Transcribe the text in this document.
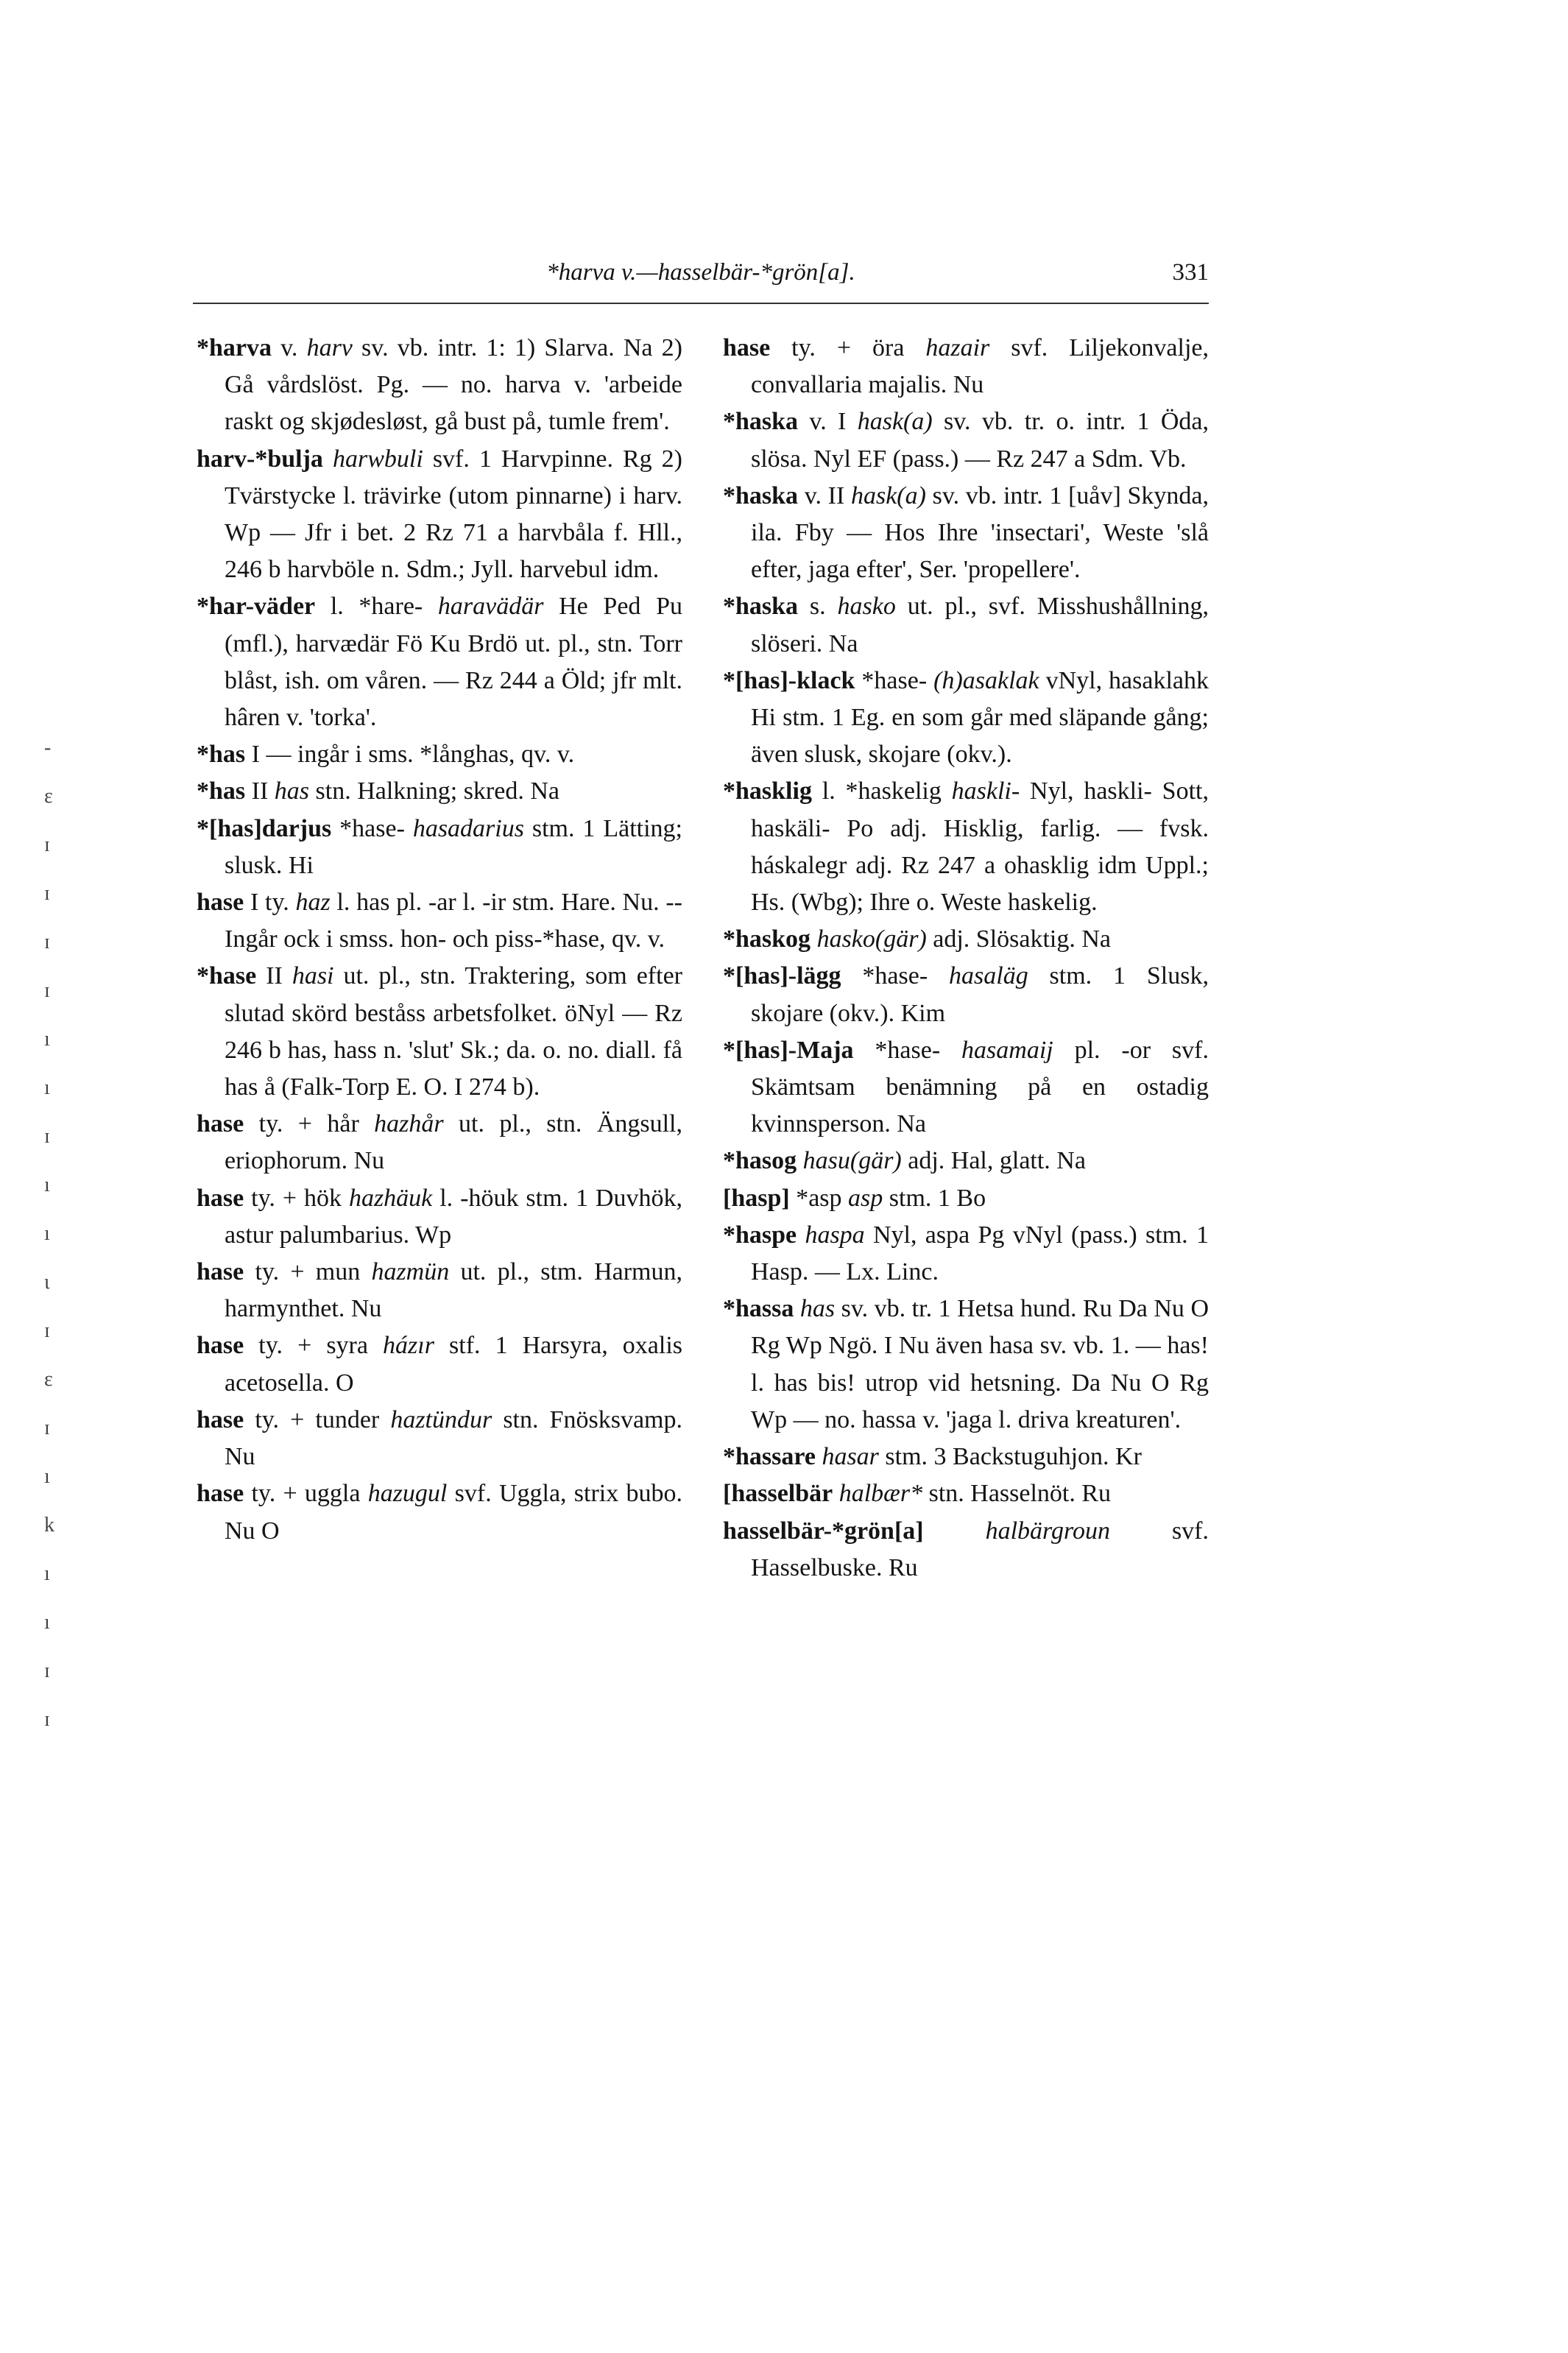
*harva v.—hasselbär-*grön[a].	331

*harva v. harv sv. vb. intr. 1: 1) Slarva. Na 2) Gå vårdslöst. Pg. — no. harva v. 'arbeide raskt og skjødesløst, gå bust på, tumle frem'.

harv-*bulja harwbuli svf. 1 Harvpinne. Rg 2) Tvärstycke l. trävirke (utom pinnarne) i harv. Wp — Jfr i bet. 2 Rz 71 a harvbåla f. Hll., 246 b harvböle n. Sdm.; Jyll. harvebul idm.

*har-väder l. *hare- haravädär He Ped Pu (mfl.), harvædär Fö Ku Brdö ut. pl., stn. Torr blåst, ish. om våren. — Rz 244 a Öld; jfr mlt. hâren v. 'torka'.

*has I — ingår i sms. *långhas, qv. v.

*has II has stn. Halkning; skred. Na

*[has]darjus *hase- hasadarius stm. 1 Lätting; slusk. Hi

hase I ty. haz l. has pl. -ar l. -ir stm. Hare. Nu. -- Ingår ock i smss. hon- och piss-*hase, qv. v.

*hase II hasi ut. pl., stn. Traktering, som efter slutad skörd beståss arbetsfolket. öNyl — Rz 246 b has, hass n. 'slut' Sk.; da. o. no. diall. få has å (Falk-Torp E. O. I 274 b).

hase ty. + hår hazhår ut. pl., stn. Ängsull, eriophorum. Nu

hase ty. + hök hazhäuk l. -höuk stm. 1 Duvhök, astur palumbarius. Wp

hase ty. + mun hazmün ut. pl., stm. Harmun, harmynthet. Nu

hase ty. + syra házır stf. 1 Harsyra, oxalis acetosella. O

hase ty. + tunder haztündur stn. Fnösksvamp. Nu

hase ty. + uggla hazugul svf. Uggla, strix bubo. Nu O

hase ty. + öra hazair svf. Liljekonvalje, convallaria majalis. Nu

*haska v. I hask(a) sv. vb. tr. o. intr. 1 Öda, slösa. Nyl EF (pass.) — Rz 247 a Sdm. Vb.

*haska v. II hask(a) sv. vb. intr. 1 [uåv] Skynda, ila. Fby — Hos Ihre 'insectari', Weste 'slå efter, jaga efter', Ser. 'propellere'.

*haska s. hasko ut. pl., svf. Misshushållning, slöseri. Na

*[has]-klack *hase- (h)asaklak vNyl, hasaklahk Hi stm. 1 Eg. en som går med släpande gång; även slusk, skojare (okv.).

*hasklig l. *haskelig haskli- Nyl, haskli- Sott, haskäli- Po adj. Hisklig, farlig. — fvsk. háskalegr adj. Rz 247 a ohasklig idm Uppl.; Hs. (Wbg); Ihre o. Weste haskelig.

*haskog hasko(gär) adj. Slösaktig. Na

*[has]-lägg *hase- hasaläg stm. 1 Slusk, skojare (okv.). Kim

*[has]-Maja *hase- hasamaij pl. -or svf. Skämtsam benämning på en ostadig kvinnsperson. Na

*hasog hasu(gär) adj. Hal, glatt. Na

[hasp] *asp asp stm. 1 Bo

*haspe haspa Nyl, aspa Pg vNyl (pass.) stm. 1 Hasp. — Lx. Linc.

*hassa has sv. vb. tr. 1 Hetsa hund. Ru Da Nu O Rg Wp Ngö. I Nu även hasa sv. vb. 1. — has! l. has bis! utrop vid hetsning. Da Nu O Rg Wp — no. hassa v. 'jaga l. driva kreaturen'.

*hassare hasar stm. 3 Backstuguhjon. Kr

[hasselbär halbær* stn. Hasselnöt. Ru

hasselbär-*grön[a] halbärgroun svf. Hasselbuske. Ru

-
ε
ɪ
ɪ
ɪ
ɪ
ı
ı
ɪ
ı
ı
ι
ɪ
ε
ɪ
ı
k
ı
ı
ɪ
ɪ
